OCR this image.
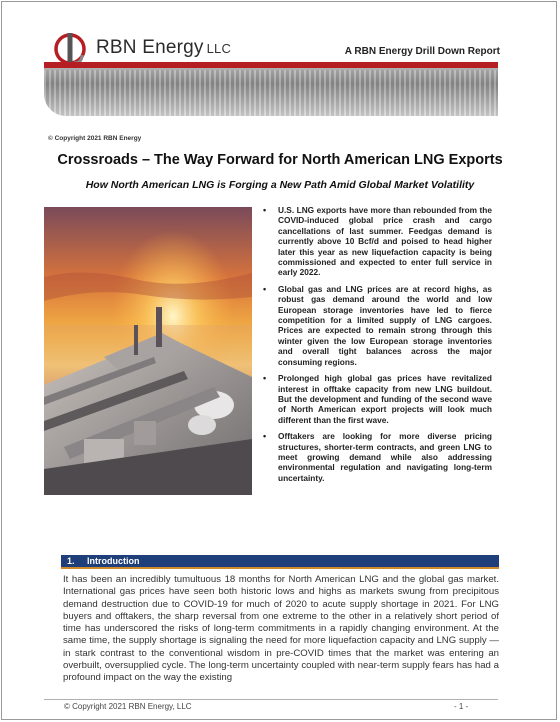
RBN Energy LLC	A RBN Energy Drill Down Report
© Copyright 2021 RBN Energy
Crossroads – The Way Forward for North American LNG Exports
How North American LNG is Forging a New Path Amid Global Market Volatility
• U.S. LNG exports have more than rebounded from the COVID-induced global price crash and cargo cancellations of last summer. Feedgas demand is currently above 10 Bcf/d and poised to head higher later this year as new liquefaction capacity is being commissioned and expected to enter full service in early 2022.
• Global gas and LNG prices are at record highs, as robust gas demand around the world and low European storage inventories have led to fierce competition for a limited supply of LNG cargoes. Prices are expected to remain strong through this winter given the low European storage inventories and overall tight balances across the major consuming regions.
• Prolonged high global gas prices have revitalized interest in offtake capacity from new LNG buildout. But the development and funding of the second wave of North American export projects will look much different than the first wave.
• Offtakers are looking for more diverse pricing structures, shorter-term contracts, and green LNG to meet growing demand while also addressing environmental regulation and navigating long-term uncertainty.
1. Introduction

It has been an incredibly tumultuous 18 months for North American LNG and the global gas market. International gas prices have seen both historic lows and highs as markets swung from precipitous demand destruction due to COVID-19 for much of 2020 to acute supply shortage in 2021. For LNG buyers and offtakers, the sharp reversal from one extreme to the other in a relatively short period of time has underscored the risks of long-term commitments in a rapidly changing environment. At the same time, the supply shortage is signaling the need for more liquefaction capacity and LNG supply — in stark contrast to the conventional wisdom in pre-COVID times that the market was entering an overbuilt, oversupplied cycle. The long-term uncertainty coupled with near-term supply fears has had a profound impact on the way the existing

© Copyright 2021 RBN Energy, LLC	- 1 -
